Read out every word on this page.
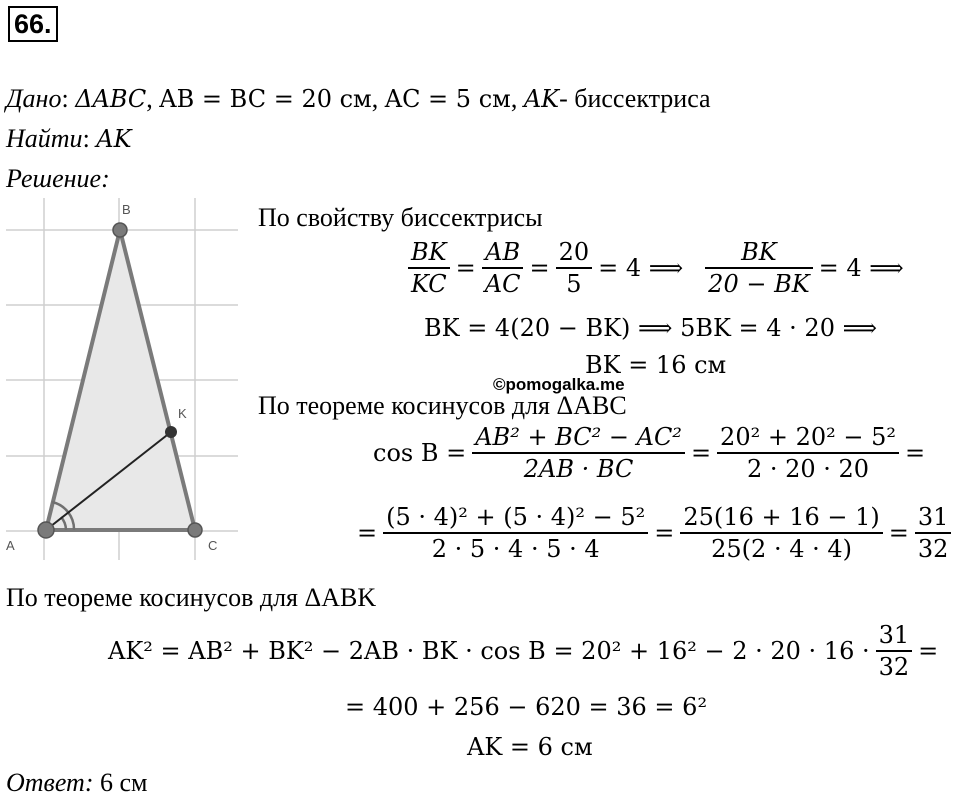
66.
Дано: ΔABC, AB = BC = 20 см, AC = 5 см, AK- биссектриса
Найти: AK
Решение:
B
K
A	C
По свойству биссектрисы
$\frac{BK}{KC} = \frac{AB}{AC} = \frac{20}{5} = 4$ ⟹ $\frac{BK}{20 - BK} = 4$ ⟹
BK = 4(20 − BK) ⟹ 5BK = 4 · 20 ⟹
BK = 16 см
©pomogalka.me
По теореме косинусов для ΔABC
$\cos B = \frac{\text{AB² + BC² − AC²}}{2AB \cdot BC} = \frac{\text{20² + 20² − 5²}}{2 \cdot 20 \cdot 20}$ =
= $\frac{\text{(5 · 4)² + (5 · 4)² − 5²}}{2 \cdot 5 \cdot 4 \cdot 5 \cdot 4} = \frac{25(16 + 16 - 1)}{25(2 \cdot 4 \cdot 4)} = \frac{31}{32}$
По теореме косинусов для ΔABK
AK² = AB² + BK² − 2AB · BK · $\cos B = 20^2 + 16^2 - 2 \cdot 20 \cdot 16 \cdot \frac{31}{32}$ =
= 400 + 256 − 620 = 36 = 6²
AK = 6 см
Ответ: 6 см
